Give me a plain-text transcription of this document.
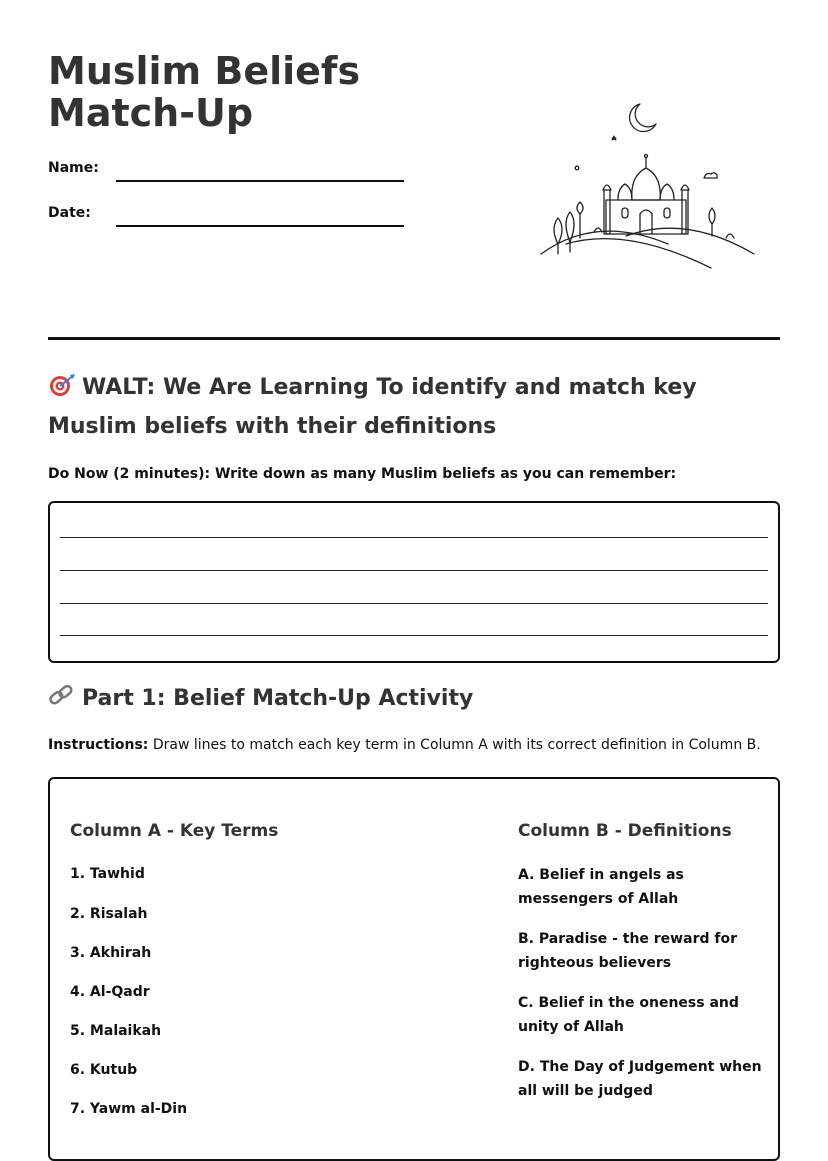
Muslim Beliefs Match-Up
Name:
Date:
WALT: We Are Learning To identify and match key Muslim beliefs with their definitions
Do Now (2 minutes): Write down as many Muslim beliefs as you can remember:
Part 1: Belief Match-Up Activity
Instructions: Draw lines to match each key term in Column A with its correct definition in Column B.
Column A - Key Terms
1. Tawhid
2. Risalah
3. Akhirah
4. Al-Qadr
5. Malaikah
6. Kutub
7. Yawm al-Din
Column B - Definitions
A. Belief in angels as messengers of Allah
B. Paradise - the reward for righteous believers
C. Belief in the oneness and unity of Allah
D. The Day of Judgement when all will be judged
